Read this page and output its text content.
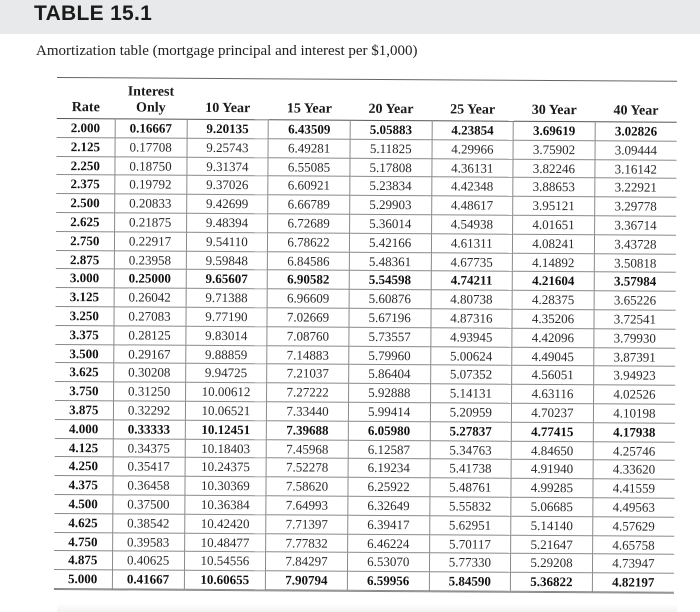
TABLE 15.1
Amortization table (mortgage principal and interest per $1,000)
Rate	Interest Only	10 Year	15 Year	20 Year	25 Year	30 Year	40 Year

2.000	0.16667	9.20135	6.43509	5.05883	4.23854	3.69619	3.02826
2.125	0.17708	9.25743	6.49281	5.11825	4.29966	3.75902	3.09444
2.250	0.18750	9.31374	6.55085	5.17808	4.36131	3.82246	3.16142
2.375	0.19792	9.37026	6.60921	5.23834	4.42348	3.88653	3.22921
2.500	0.20833	9.42699	6.66789	5.29903	4.48617	3.95121	3.29778
2.625	0.21875	9.48394	6.72689	5.36014	4.54938	4.01651	3.36714
2.750	0.22917	9.54110	6.78622	5.42166	4.61311	4.08241	3.43728
2.875	0.23958	9.59848	6.84586	5.48361	4.67735	4.14892	3.50818
3.000	0.25000	9.65607	6.90582	5.54598	4.74211	4.21604	3.57984
3.125	0.26042	9.71388	6.96609	5.60876	4.80738	4.28375	3.65226
3.250	0.27083	9.77190	7.02669	5.67196	4.87316	4.35206	3.72541
3.375	0.28125	9.83014	7.08760	5.73557	4.93945	4.42096	3.79930
3.500	0.29167	9.88859	7.14883	5.79960	5.00624	4.49045	3.87391
3.625	0.30208	9.94725	7.21037	5.86404	5.07352	4.56051	3.94923
3.750	0.31250	10.00612	7.27222	5.92888	5.14131	4.63116	4.02526
3.875	0.32292	10.06521	7.33440	5.99414	5.20959	4.70237	4.10198
4.000	0.33333	10.12451	7.39688	6.05980	5.27837	4.77415	4.17938
4.125	0.34375	10.18403	7.45968	6.12587	5.34763	4.84650	4.25746
4.250	0.35417	10.24375	7.52278	6.19234	5.41738	4.91940	4.33620
4.375	0.36458	10.30369	7.58620	6.25922	5.48761	4.99285	4.41559
4.500	0.37500	10.36384	7.64993	6.32649	5.55832	5.06685	4.49563
4.625	0.38542	10.42420	7.71397	6.39417	5.62951	5.14140	4.57629
4.750	0.39583	10.48477	7.77832	6.46224	5.70117	5.21647	4.65758
4.875	0.40625	10.54556	7.84297	6.53070	5.77330	5.29208	4.73947
5.000	0.41667	10.60655	7.90794	6.59956	5.84590	5.36822	4.82197
